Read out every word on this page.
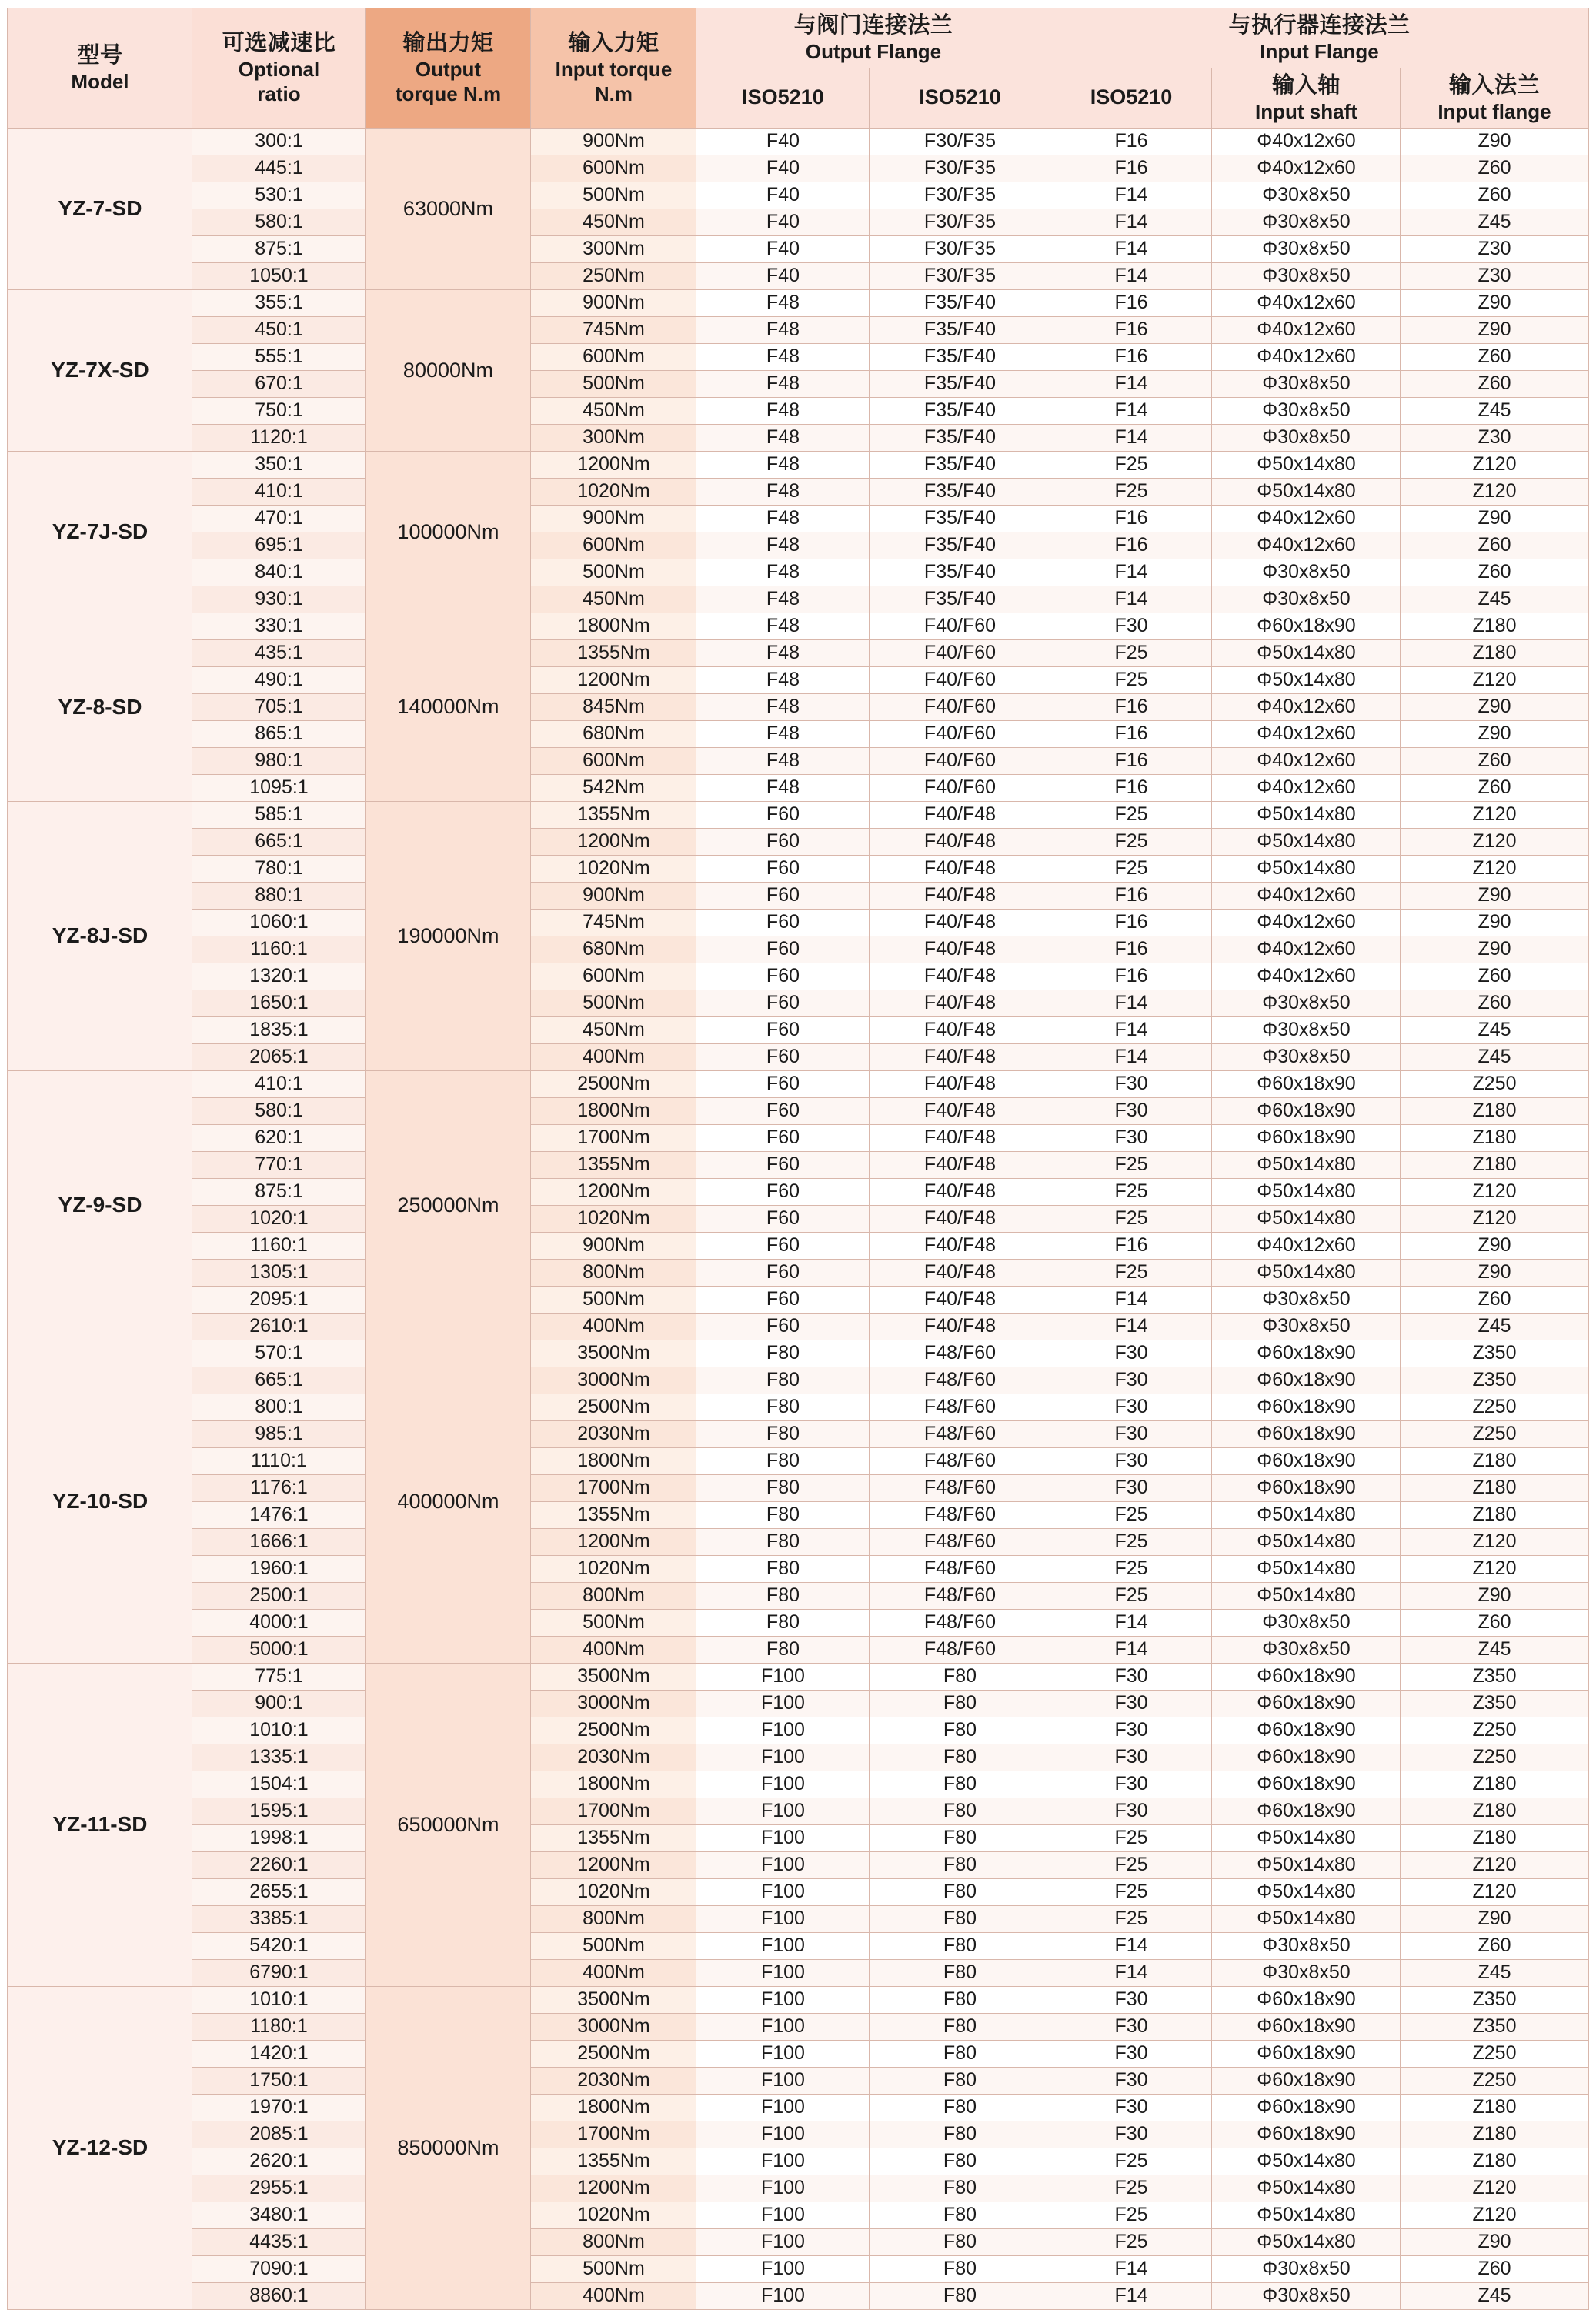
型号
Model	可选减速比
Optional
ratio	输出力矩
Output
torque N.m	输入力矩
Input torque
N.m	与阀门连接法兰
Output Flange		与执行器连接法兰
Input Flange		

				ISO5210	ISO5210	ISO5210	输入轴
Input shaft	输入法兰
Input flange

YZ-7-SD	300:1	63000Nm	900Nm	F40	F30/F35	F16	Φ40x12x60	Z90
	445:1		600Nm	F40	F30/F35	F16	Φ40x12x60	Z60
	530:1		500Nm	F40	F30/F35	F14	Φ30x8x50	Z60
	580:1		450Nm	F40	F30/F35	F14	Φ30x8x50	Z45
	875:1		300Nm	F40	F30/F35	F14	Φ30x8x50	Z30
	1050:1		250Nm	F40	F30/F35	F14	Φ30x8x50	Z30
YZ-7X-SD	355:1	80000Nm	900Nm	F48	F35/F40	F16	Φ40x12x60	Z90
	450:1		745Nm	F48	F35/F40	F16	Φ40x12x60	Z90
	555:1		600Nm	F48	F35/F40	F16	Φ40x12x60	Z60
	670:1		500Nm	F48	F35/F40	F14	Φ30x8x50	Z60
	750:1		450Nm	F48	F35/F40	F14	Φ30x8x50	Z45
	1120:1		300Nm	F48	F35/F40	F14	Φ30x8x50	Z30
YZ-7J-SD	350:1	100000Nm	1200Nm	F48	F35/F40	F25	Φ50x14x80	Z120
	410:1		1020Nm	F48	F35/F40	F25	Φ50x14x80	Z120
	470:1		900Nm	F48	F35/F40	F16	Φ40x12x60	Z90
	695:1		600Nm	F48	F35/F40	F16	Φ40x12x60	Z60
	840:1		500Nm	F48	F35/F40	F14	Φ30x8x50	Z60
	930:1		450Nm	F48	F35/F40	F14	Φ30x8x50	Z45
YZ-8-SD	330:1	140000Nm	1800Nm	F48	F40/F60	F30	Φ60x18x90	Z180
	435:1		1355Nm	F48	F40/F60	F25	Φ50x14x80	Z180
	490:1		1200Nm	F48	F40/F60	F25	Φ50x14x80	Z120
	705:1		845Nm	F48	F40/F60	F16	Φ40x12x60	Z90
	865:1		680Nm	F48	F40/F60	F16	Φ40x12x60	Z90
	980:1		600Nm	F48	F40/F60	F16	Φ40x12x60	Z60
	1095:1		542Nm	F48	F40/F60	F16	Φ40x12x60	Z60
YZ-8J-SD	585:1	190000Nm	1355Nm	F60	F40/F48	F25	Φ50x14x80	Z120
	665:1		1200Nm	F60	F40/F48	F25	Φ50x14x80	Z120
	780:1		1020Nm	F60	F40/F48	F25	Φ50x14x80	Z120
	880:1		900Nm	F60	F40/F48	F16	Φ40x12x60	Z90
	1060:1		745Nm	F60	F40/F48	F16	Φ40x12x60	Z90
	1160:1		680Nm	F60	F40/F48	F16	Φ40x12x60	Z90
	1320:1		600Nm	F60	F40/F48	F16	Φ40x12x60	Z60
	1650:1		500Nm	F60	F40/F48	F14	Φ30x8x50	Z60
	1835:1		450Nm	F60	F40/F48	F14	Φ30x8x50	Z45
	2065:1		400Nm	F60	F40/F48	F14	Φ30x8x50	Z45
YZ-9-SD	410:1	250000Nm	2500Nm	F60	F40/F48	F30	Φ60x18x90	Z250
	580:1		1800Nm	F60	F40/F48	F30	Φ60x18x90	Z180
	620:1		1700Nm	F60	F40/F48	F30	Φ60x18x90	Z180
	770:1		1355Nm	F60	F40/F48	F25	Φ50x14x80	Z180
	875:1		1200Nm	F60	F40/F48	F25	Φ50x14x80	Z120
	1020:1		1020Nm	F60	F40/F48	F25	Φ50x14x80	Z120
	1160:1		900Nm	F60	F40/F48	F16	Φ40x12x60	Z90
	1305:1		800Nm	F60	F40/F48	F25	Φ50x14x80	Z90
	2095:1		500Nm	F60	F40/F48	F14	Φ30x8x50	Z60
	2610:1		400Nm	F60	F40/F48	F14	Φ30x8x50	Z45
YZ-10-SD	570:1	400000Nm	3500Nm	F80	F48/F60	F30	Φ60x18x90	Z350
	665:1		3000Nm	F80	F48/F60	F30	Φ60x18x90	Z350
	800:1		2500Nm	F80	F48/F60	F30	Φ60x18x90	Z250
	985:1		2030Nm	F80	F48/F60	F30	Φ60x18x90	Z250
	1110:1		1800Nm	F80	F48/F60	F30	Φ60x18x90	Z180
	1176:1		1700Nm	F80	F48/F60	F30	Φ60x18x90	Z180
	1476:1		1355Nm	F80	F48/F60	F25	Φ50x14x80	Z180
	1666:1		1200Nm	F80	F48/F60	F25	Φ50x14x80	Z120
	1960:1		1020Nm	F80	F48/F60	F25	Φ50x14x80	Z120
	2500:1		800Nm	F80	F48/F60	F25	Φ50x14x80	Z90
	4000:1		500Nm	F80	F48/F60	F14	Φ30x8x50	Z60
	5000:1		400Nm	F80	F48/F60	F14	Φ30x8x50	Z45
YZ-11-SD	775:1	650000Nm	3500Nm	F100	F80	F30	Φ60x18x90	Z350
	900:1		3000Nm	F100	F80	F30	Φ60x18x90	Z350
	1010:1		2500Nm	F100	F80	F30	Φ60x18x90	Z250
	1335:1		2030Nm	F100	F80	F30	Φ60x18x90	Z250
	1504:1		1800Nm	F100	F80	F30	Φ60x18x90	Z180
	1595:1		1700Nm	F100	F80	F30	Φ60x18x90	Z180
	1998:1		1355Nm	F100	F80	F25	Φ50x14x80	Z180
	2260:1		1200Nm	F100	F80	F25	Φ50x14x80	Z120
	2655:1		1020Nm	F100	F80	F25	Φ50x14x80	Z120
	3385:1		800Nm	F100	F80	F25	Φ50x14x80	Z90
	5420:1		500Nm	F100	F80	F14	Φ30x8x50	Z60
	6790:1		400Nm	F100	F80	F14	Φ30x8x50	Z45
YZ-12-SD	1010:1	850000Nm	3500Nm	F100	F80	F30	Φ60x18x90	Z350
	1180:1		3000Nm	F100	F80	F30	Φ60x18x90	Z350
	1420:1		2500Nm	F100	F80	F30	Φ60x18x90	Z250
	1750:1		2030Nm	F100	F80	F30	Φ60x18x90	Z250
	1970:1		1800Nm	F100	F80	F30	Φ60x18x90	Z180
	2085:1		1700Nm	F100	F80	F30	Φ60x18x90	Z180
	2620:1		1355Nm	F100	F80	F25	Φ50x14x80	Z180
	2955:1		1200Nm	F100	F80	F25	Φ50x14x80	Z120
	3480:1		1020Nm	F100	F80	F25	Φ50x14x80	Z120
	4435:1		800Nm	F100	F80	F25	Φ50x14x80	Z90
	7090:1		500Nm	F100	F80	F14	Φ30x8x50	Z60
	8860:1		400Nm	F100	F80	F14	Φ30x8x50	Z45
